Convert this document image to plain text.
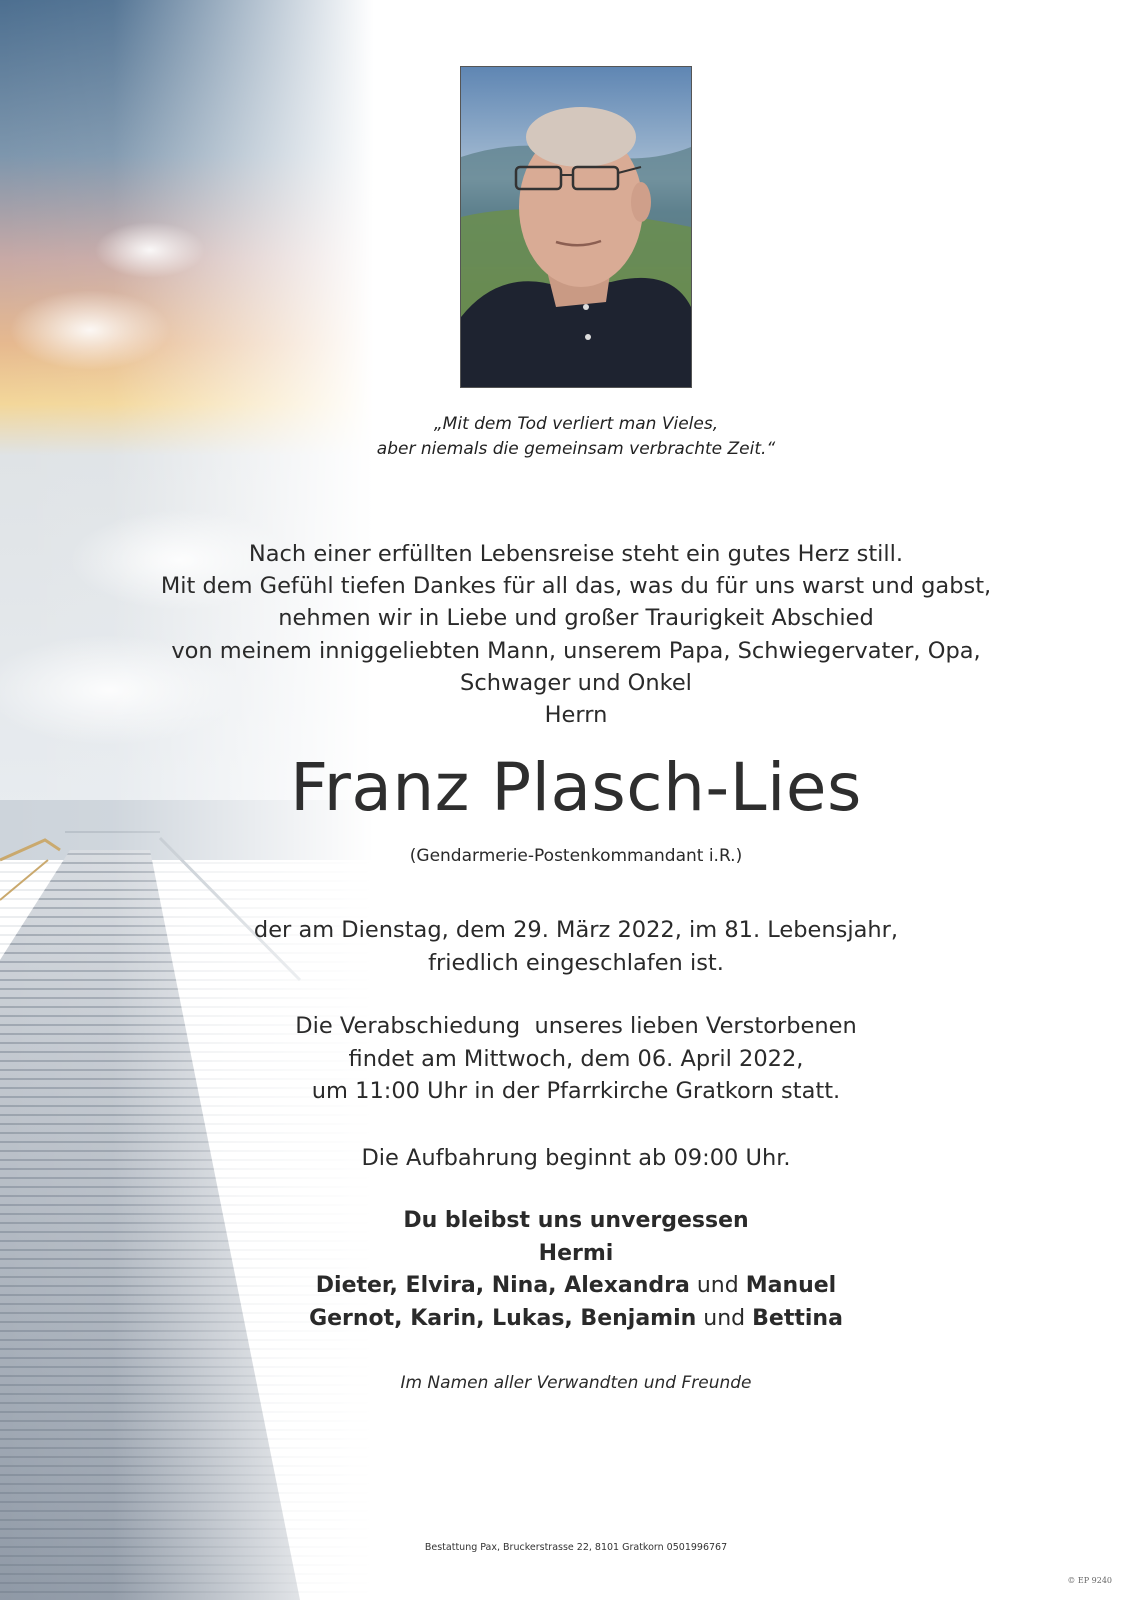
„Mit dem Tod verliert man Vieles,
aber niemals die gemeinsam verbrachte Zeit.“
Nach einer erfüllten Lebensreise steht ein gutes Herz still.
Mit dem Gefühl tiefen Dankes für all das, was du für uns warst und gabst,
nehmen wir in Liebe und großer Traurigkeit Abschied
von meinem inniggeliebten Mann, unserem Papa, Schwiegervater, Opa,
Schwager und Onkel
Herrn
Franz Plasch-Lies
(Gendarmerie-Postenkommandant i.R.)
der am Dienstag, dem 29. März 2022, im 81. Lebensjahr,
friedlich eingeschlafen ist.
Die Verabschiedung  unseres lieben Verstorbenen
findet am Mittwoch, dem 06. April 2022,
um 11:00 Uhr in der Pfarrkirche Gratkorn statt.
Die Aufbahrung beginnt ab 09:00 Uhr.
Du bleibst uns unvergessen
Hermi
Dieter, Elvira, Nina, Alexandra und Manuel
Gernot, Karin, Lukas, Benjamin und Bettina
Im Namen aller Verwandten und Freunde
Bestattung Pax, Bruckerstrasse 22, 8101 Gratkorn 0501996767
© EP 9240
